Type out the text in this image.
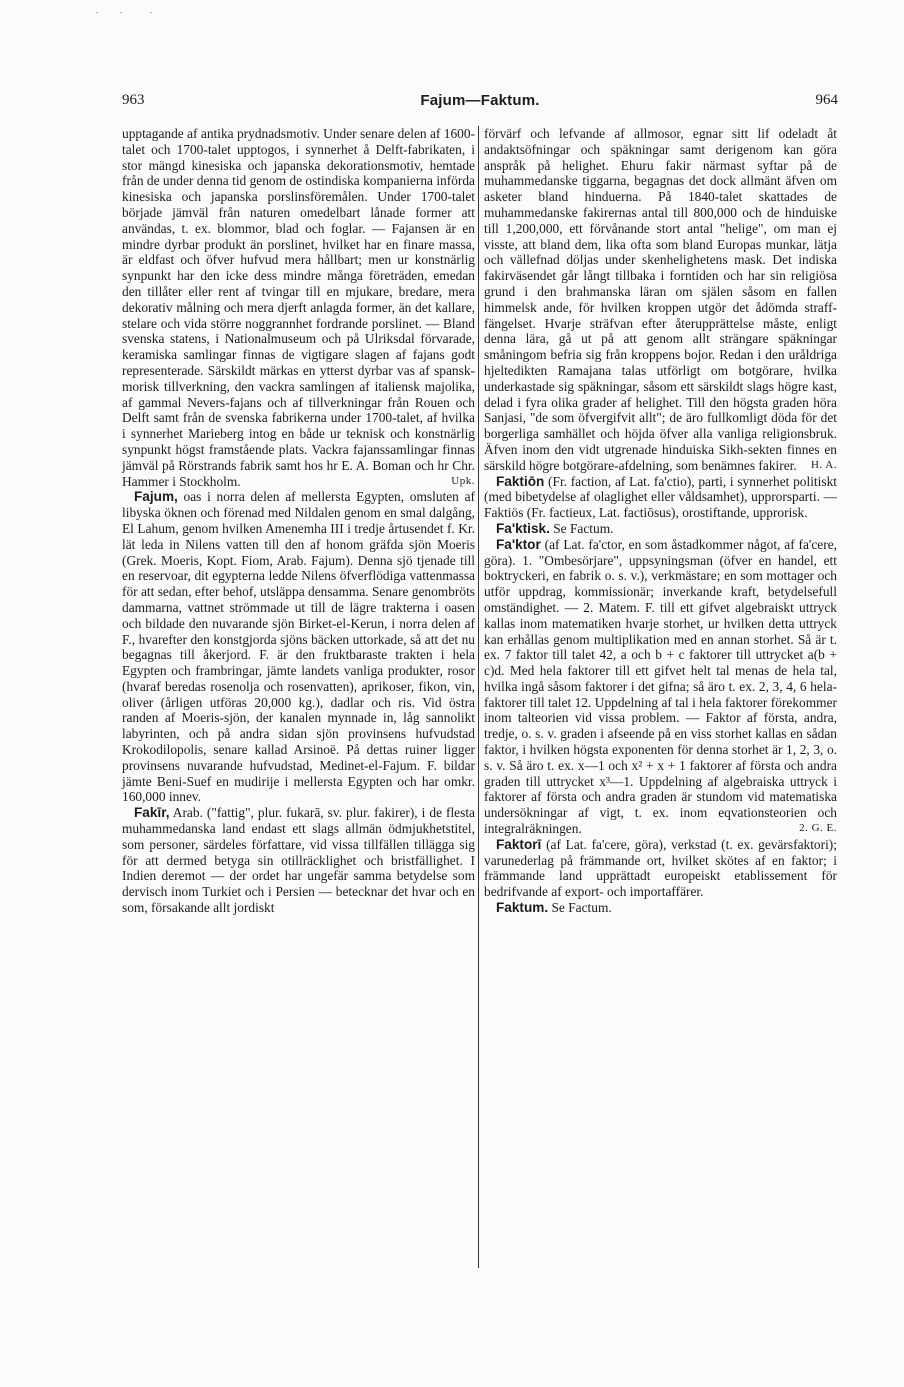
963	Fajum—Faktum.	964

upptagande af antika prydnadsmotiv. Under senare delen af 1600-talet och 1700-talet upptogos, i synnerhet å Delft-fabrikaten, i stor mängd kinesiska och japanska dekorationsmotiv, hemtade från de under denna tid genom de ostindiska kompanierna införda kinesiska och japanska porslinsföremålen. Under 1700-talet började jämväl från naturen omedelbart lånade former att användas, t. ex. blommor, blad och foglar. — Fajansen är en mindre dyrbar produkt än porslinet, hvilket har en finare massa, är eldfast och öfver hufvud mera hållbart; men ur konstnärlig synpunkt har den icke dess mindre många företräden, emedan den tillåter eller rent af tvingar till en mjukare, bredare, mera dekorativ målning och mera djerft anlagda former, än det kallare, stelare och vida större noggrannhet fordrande porslinet. — Bland svenska statens, i Nationalmuseum och på Ulriksdal förvarade, keramiska samlingar finnas de vigtigare slagen af fajans godt representerade. Särskildt märkas en ytterst dyrbar vas af spansk-morisk tillverkning, den vackra samlingen af italiensk majolika, af gammal Nevers-fajans och af tillverkningar från Rouen och Delft samt från de svenska fabrikerna under 1700-talet, af hvilka i synnerhet Marieberg intog en både ur teknisk och konstnärlig synpunkt högst framstående plats. Vackra fajanssamlingar finnas jämväl på Rörstrands fabrik samt hos hr E. A. Boman och hr Chr. Hammer i Stockholm.	Upk.

Fajum, oas i norra delen af mellersta Egypten, omsluten af libyska öknen och förenad med Nildalen genom en smal dalgång, El Lahum, genom hvilken Amenemha III i tredje årtusendet f. Kr. lät leda in Nilens vatten till den af honom gräfda sjön Moeris (Grek. Moeris, Kopt. Fiom, Arab. Fajum). Denna sjö tjenade till en reservoar, dit egypterna ledde Nilens öfverflödiga vattenmassa för att sedan, efter behof, utsläppa densamma. Senare genombröts dammarna, vattnet strömmade ut till de lägre trakterna i oasen och bildade den nuvarande sjön Birket-el-Kerun, i norra delen af F., hvarefter den konstgjorda sjöns bäcken uttorkade, så att det nu begagnas till åkerjord. F. är den fruktbaraste trakten i hela Egypten och frambringar, jämte landets vanliga produkter, rosor (hvaraf beredas rosenolja och rosenvatten), aprikoser, fikon, vin, oliver (årligen utföras 20,000 kg.), dadlar och ris. Vid östra randen af Moeris-sjön, der kanalen mynnade in, låg sannolikt labyrinten, och på andra sidan sjön provinsens hufvudstad Krokodilopolis, senare kallad Arsinoë. På dettas ruiner ligger provinsens nuvarande hufvudstad, Medinet-el-Fajum. F. bildar jämte Beni-Suef en mudirije i mellersta Egypten och har omkr. 160,000 innev.

Fakīr, Arab. ("fattig", plur. fukarā, sv. plur. fakirer), i de flesta muhammedanska land endast ett slags allmän ödmjukhetstitel, som personer, särdeles författare, vid vissa tillfällen tillägga sig för att dermed betyga sin otillräcklighet och bristfällighet. I Indien deremot — der ordet har ungefär samma betydelse som dervisch inom Turkiet och i Persien — betecknar det hvar och en som, försakande allt jordiskt

förvärf och lefvande af allmosor, egnar sitt lif odeladt åt andaktsöfningar och späkningar samt derigenom kan göra anspråk på helighet. Ehuru fakir närmast syftar på de muhammedanske tiggarna, begagnas det dock allmänt äfven om asketer bland hinduerna. På 1840-talet skattades de muhammedanske fakirernas antal till 800,000 och de hinduiske till 1,200,000, ett förvånande stort antal "helige", om man ej visste, att bland dem, lika ofta som bland Europas munkar, lätja och vällefnad döljas under skenhelighetens mask. Det indiska fakirväsendet går långt tillbaka i forntiden och har sin religiösa grund i den brahmanska läran om själen såsom en fallen himmelsk ande, för hvilken kroppen utgör det ådömda straff-fängelset. Hvarje sträfvan efter återupprättelse måste, enligt denna lära, gå ut på att genom allt strängare späkningar småningom befria sig från kroppens bojor. Redan i den uråldriga hjeltedikten Ramajana talas utförligt om botgörare, hvilka underkastade sig späkningar, såsom ett särskildt slags högre kast, delad i fyra olika grader af helighet. Till den högsta graden höra Sanjasi, "de som öfvergifvit allt"; de äro fullkomligt döda för det borgerliga samhället och höjda öfver alla vanliga religionsbruk. Äfven inom den vidt utgrenade hinduiska Sikh-sekten finnes en särskild högre botgörare-afdelning, som benämnes fakirer. H. A.

Faktiōn (Fr. faction, af Lat. fa'ctio), parti, i synnerhet politiskt (med bibetydelse af olaglighet eller våldsamhet), upprorsparti. — Faktiös (Fr. factieux, Lat. factiōsus), orostiftande, upprorisk.

Fa'ktisk. Se Factum.

Fa'ktor (af Lat. fa'ctor, en som åstadkommer något, af fa'cere, göra). 1. "Ombesörjare", uppsyningsman (öfver en handel, ett boktryckeri, en fabrik o. s. v.), verkmästare; en som mottager och utför uppdrag, kommissionär; inverkande kraft, betydelsefull omständighet. — 2. Matem. F. till ett gifvet algebraiskt uttryck kallas inom matematiken hvarje storhet, ur hvilken detta uttryck kan erhållas genom multiplikation med en annan storhet. Så är t. ex. 7 faktor till talet 42, a och b + c faktorer till uttrycket a(b + c)d. Med hela faktorer till ett gifvet helt tal menas de hela tal, hvilka ingå såsom faktorer i det gifna; så äro t. ex. 2, 3, 4, 6 hela-faktorer till talet 12. Uppdelning af tal i hela faktorer förekommer inom talteorien vid vissa problem. — Faktor af första, andra, tredje, o. s. v. graden i afseende på en viss storhet kallas en sådan faktor, i hvilken högsta exponenten för denna storhet är 1, 2, 3, o. s. v. Så äro t. ex. x—1 och x² + x + 1 faktorer af första och andra graden till uttrycket x³—1. Uppdelning af algebraiska uttryck i faktorer af första och andra graden är stundom vid matematiska undersökningar af vigt, t. ex. inom eqvationsteorien och integralräkningen.	2. G. E.

Faktorī (af Lat. fa'cere, göra), verkstad (t. ex. gevärsfaktori); varunederlag på främmande ort, hvilket skötes af en faktor; i främmande land upprättadt europeiskt etablissement för bedrifvande af export- och importaffärer.

Faktum. Se Factum.
